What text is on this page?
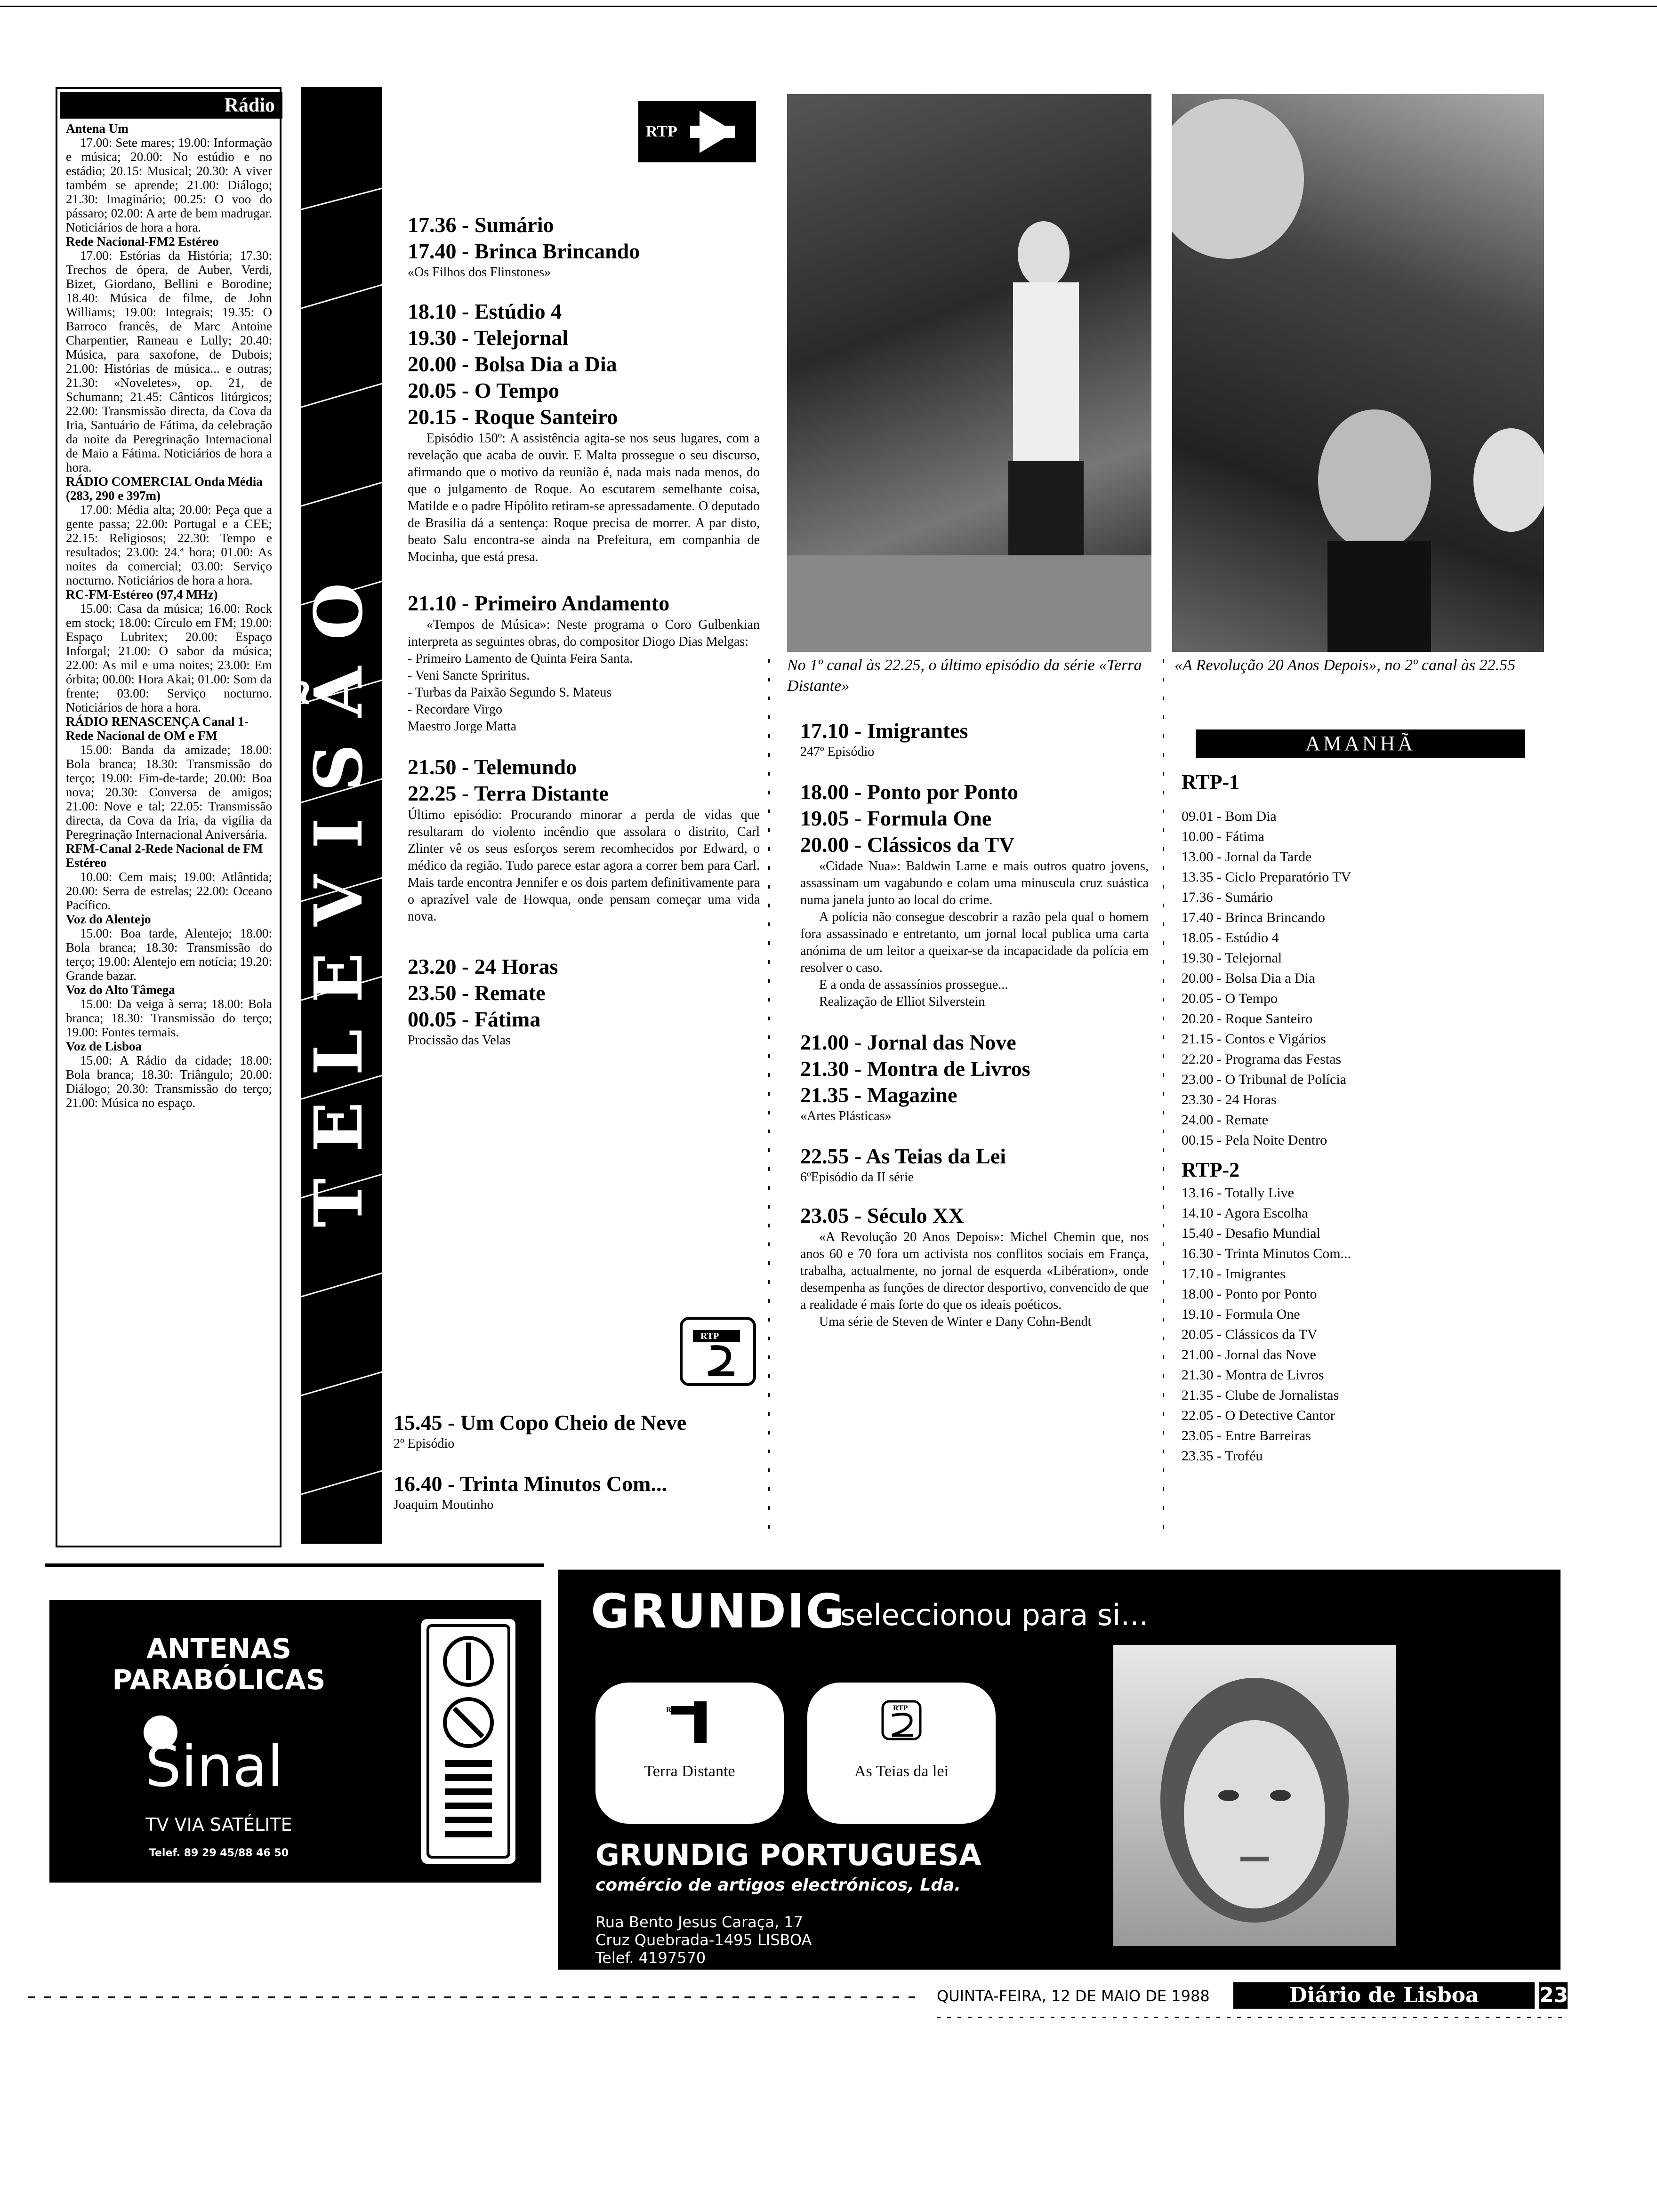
Rádio
Antena Um

17.00: Sete mares; 19.00: Informação e música; 20.00: No estúdio e no estádio; 20.15: Musical; 20.30: A viver também se aprende; 21.00: Diálogo; 21.30: Imaginário; 00.25: O voo do pássaro; 02.00: A arte de bem madrugar. Noticiários de hora a hora.

Rede Nacional-FM2 Estéreo

17.00: Estórias da História; 17.30: Trechos de ópera, de Auber, Verdi, Bizet, Giordano, Bellini e Borodine; 18.40: Música de filme, de John Williams; 19.00: Integrais; 19.35: O Barroco francês, de Marc Antoine Charpentier, Rameau e Lully; 20.40: Música, para saxofone, de Dubois; 21.00: Histórias de música... e outras; 21.30: «Noveletes», op. 21, de Schumann; 21.45: Cânticos litúrgicos; 22.00: Transmissão directa, da Cova da Iria, Santuário de Fátima, da celebração da noite da Peregrinação Internacional de Maio a Fátima. Noticiários de hora a hora.

RÁDIO COMERCIAL Onda Média (283, 290 e 397m)

17.00: Média alta; 20.00: Peça que a gente passa; 22.00: Portugal e a CEE; 22.15: Religiosos; 22.30: Tempo e resultados; 23.00: 24.ª hora; 01.00: As noites da comercial; 03.00: Serviço nocturno. Noticiários de hora a hora.

RC-FM-Estéreo (97,4 MHz)

15.00: Casa da música; 16.00: Rock em stock; 18.00: Círculo em FM; 19.00: Espaço Lubritex; 20.00: Espaço Inforgal; 21.00: O sabor da música; 22.00: As mil e uma noites; 23.00: Em órbita; 00.00: Hora Akai; 01.00: Som da frente; 03.00: Serviço nocturno. Noticiários de hora a hora.

RÁDIO RENASCENÇA Canal 1-Rede Nacional de OM e FM

15.00: Banda da amizade; 18.00: Bola branca; 18.30: Transmissão do terço; 19.00: Fim-de-tarde; 20.00: Boa nova; 20.30: Conversa de amigos; 21.00: Nove e tal; 22.05: Transmissão directa, da Cova da Iria, da vigília da Peregrinação Internacional Aniversária.

RFM-Canal 2-Rede Nacional de FM Estéreo

10.00: Cem mais; 19.00: Atlântida; 20.00: Serra de estrelas; 22.00: Oceano Pacífico.

Voz do Alentejo

15.00: Boa tarde, Alentejo; 18.00: Bola branca; 18.30: Transmissão do terço; 19.00: Alentejo em notícia; 19.20: Grande bazar.

Voz do Alto Tâmega

15.00: Da veiga à serra; 18.00: Bola branca; 18.30: Transmissão do terço; 19.00: Fontes termais.

Voz de Lisboa

15.00: A Rádio da cidade; 18.00: Bola branca; 18.30: Triângulo; 20.00: Diálogo; 20.30: Transmissão do terço; 21.00: Música no espaço.	TELEVISÃO
RTP
17.36 - Sumário
17.40 - Brinca Brincando
«Os Filhos dos Flinstones»
18.10 - Estúdio 4
19.30 - Telejornal
20.00 - Bolsa Dia a Dia
20.05 - O Tempo
20.15 - Roque Santeiro

Episódio 150º: A assistência agita-se nos seus lugares, com a revelação que acaba de ouvir. E Malta prossegue o seu discurso, afirmando que o motivo da reunião é, nada mais nada menos, do que o julgamento de Roque. Ao escutarem semelhante coisa, Matilde e o padre Hipólito retiram-se apressadamente. O deputado de Brasília dá a sentença: Roque precisa de morrer. A par disto, beato Salu encontra-se ainda na Prefeitura, em companhia de Mocinha, que está presa.

21.10 - Primeiro Andamento

«Tempos de Música»: Neste programa o Coro Gulbenkian interpreta as seguintes obras, do compositor Diogo Dias Melgas:

- Primeiro Lamento de Quinta Feira Santa.
- Veni Sancte Spriritus.
- Turbas da Paixão Segundo S. Mateus
- Recordare Virgo
Maestro Jorge Matta
21.50 - Telemundo
22.25 - Terra Distante

Último episódio: Procurando minorar a perda de vidas que resultaram do violento incêndio que assolara o distrito, Carl Zlinter vê os seus esforços serem recomhecidos por Edward, o médico da região. Tudo parece estar agora a correr bem para Carl. Mais tarde encontra Jennifer e os dois partem definitivamente para o aprazível vale de Howqua, onde pensam começar uma vida nova.

23.20 - 24 Horas
23.50 - Remate
00.05 - Fátima
Procissão das Velas
RTP
15.45 - Um Copo Cheio de Neve
2º Episódio
16.40 - Trinta Minutos Com...
Joaquim Moutinho
No 1º canal às 22.25, o último episódio da série «Terra Distante»
17.10 - Imigrantes
247º Episódio
18.00 - Ponto por Ponto
19.05 - Formula One
20.00 - Clássicos da TV

«Cidade Nua»: Baldwin Larne e mais outros quatro jovens, assassinam um vagabundo e colam uma minuscula cruz suástica numa janela junto ao local do crime.

A polícia não consegue descobrir a razão pela qual o homem fora assassinado e entretanto, um jornal local publica uma carta anónima de um leitor a queixar-se da incapacidade da polícia em resolver o caso.

E a onda de assassínios prossegue...

Realização de Elliot Silverstein

21.00 - Jornal das Nove
21.30 - Montra de Livros
21.35 - Magazine
«Artes Plásticas»
22.55 - As Teias da Lei
6ºEpisódio da II série
23.05 - Século XX

«A Revolução 20 Anos Depois»: Michel Chemin que, nos anos 60 e 70 fora um activista nos conflitos sociais em França, trabalha, actualmente, no jornal de esquerda «Libération», onde desempenha as funções de director desportivo, convencido de que a realidade é mais forte do que os ideais poéticos.

Uma série de Steven de Winter e Dany Cohn-Bendt

«A Revolução 20 Anos Depois», no 2º canal às 22.55
AMANHÃ
RTP-1
09.01 - Bom Dia
10.00 - Fátima
13.00 - Jornal da Tarde
13.35 - Ciclo Preparatório TV
17.36 - Sumário
17.40 - Brinca Brincando
18.05 - Estúdio 4
19.30 - Telejornal
20.00 - Bolsa Dia a Dia
20.05 - O Tempo
20.20 - Roque Santeiro
21.15 - Contos e Vigários
22.20 - Programa das Festas
23.00 - O Tribunal de Polícia
23.30 - 24 Horas
24.00 - Remate
00.15 - Pela Noite Dentro
RTP-2
13.16 - Totally Live
14.10 - Agora Escolha
15.40 - Desafio Mundial
16.30 - Trinta Minutos Com...
17.10 - Imigrantes
18.00 - Ponto por Ponto
19.10 - Formula One
20.05 - Clássicos da TV
21.00 - Jornal das Nove
21.30 - Montra de Livros
21.35 - Clube de Jornalistas
22.05 - O Detective Cantor
23.05 - Entre Barreiras
23.35 - Troféu
ANTENAS
PARABÓLICAS
Sinal
TV VIA SATÉLITE
Telef. 89 29 45/88 46 50
GRUNDIG
seleccionou para si...
RTP
Terra Distante
RTP
As Teias da lei
GRUNDIG PORTUGUESA
comércio de artigos electrónicos, Lda.
Rua Bento Jesus Caraça, 17
Cruz Quebrada-1495 LISBOA
Telef. 4197570
QUINTA-FEIRA, 12 DE MAIO DE 1988	Diário de Lisboa	23
